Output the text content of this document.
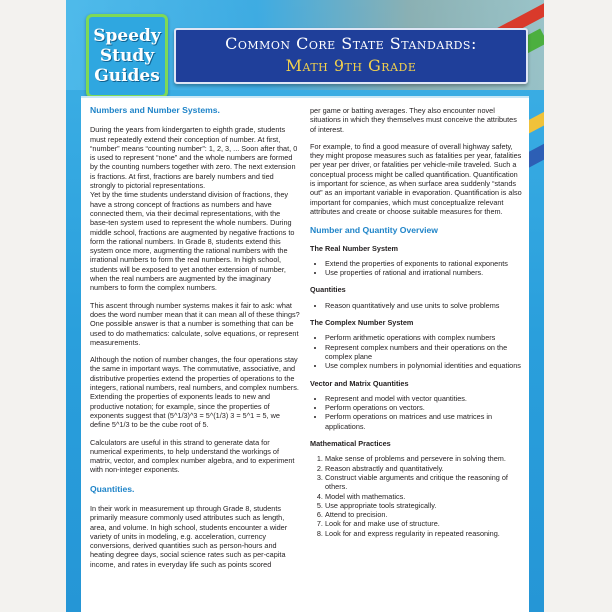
Speedy
Study
Guides
Common Core State Standards:
Math 9th Grade
Numbers and Number Systems.

During the years from kindergarten to eighth grade, students must repeatedly extend their conception of number. At first, “number” means “counting number”: 1, 2, 3, ... Soon after that, 0 is used to represent “none” and the whole numbers are formed by the counting numbers together with zero. The next extension is fractions. At first, fractions are barely numbers and tied strongly to pictorial representations.

Yet by the time students understand division of fractions, they have a strong concept of fractions as numbers and have connected them, via their decimal representations, with the base-ten system used to represent the whole numbers. During middle school, fractions are augmented by negative fractions to form the rational numbers. In Grade 8, students extend this system once more, augmenting the rational numbers with the irrational numbers to form the real numbers. In high school, students will be exposed to yet another extension of number, when the real numbers are augmented by the imaginary numbers to form the complex numbers.

This ascent through number systems makes it fair to ask: what does the word number mean that it can mean all of these things? One possible answer is that a number is something that can be used to do mathematics: calculate, solve equations, or represent measurements.

Although the notion of number changes, the four operations stay the same in important ways. The commutative, associative, and distributive properties extend the properties of operations to the integers, rational numbers, real numbers, and complex numbers. Extending the properties of exponents leads to new and productive notation; for example, since the properties of exponents suggest that (5^1/3)^3 = 5^(1/3) 3 = 5^1 = 5, we define 5^1/3 to be the cube root of 5.

Calculators are useful in this strand to generate data for numerical experiments, to help understand the workings of matrix, vector, and complex number algebra, and to experiment with non-integer exponents.

Quantities.

In their work in measurement up through Grade 8, students primarily measure commonly used attributes such as length, area, and volume. In high school, students encounter a wider variety of units in modeling, e.g. acceleration, currency conversions, derived quantities such as person-hours and heating degree days, social science rates such as per-capita income, and rates in everyday life such as points scored

per game or batting averages. They also encounter novel situations in which they themselves must conceive the attributes of interest.

For example, to find a good measure of overall highway safety, they might propose measures such as fatalities per year, fatalities per year per driver, or fatalities per vehicle-mile traveled. Such a conceptual process might be called quantification. Quantification is important for science, as when surface area suddenly “stands out” as an important variable in evaporation. Quantification is also important for companies, which must conceptualize relevant attributes and create or choose suitable measures for them.

Number and Quantity Overview
The Real Number System
• Extend the properties of exponents to rational exponents
• Use properties of rational and irrational numbers.
Quantities
• Reason quantitatively and use units to solve problems
The Complex Number System
• Perform arithmetic operations with complex numbers
• Represent complex numbers and their operations on the complex plane
• Use complex numbers in polynomial identities and equations
Vector and Matrix Quantities
• Represent and model with vector quantities.
• Perform operations on vectors.
• Perform operations on matrices and use matrices in applications.
Mathematical Practices
1. Make sense of problems and persevere in solving them.
2. Reason abstractly and quantitatively.
3. Construct viable arguments and critique the reasoning of others.
4. Model with mathematics.
5. Use appropriate tools strategically.
6. Attend to precision.
7. Look for and make use of structure.
8. Look for and express regularity in repeated reasoning.
